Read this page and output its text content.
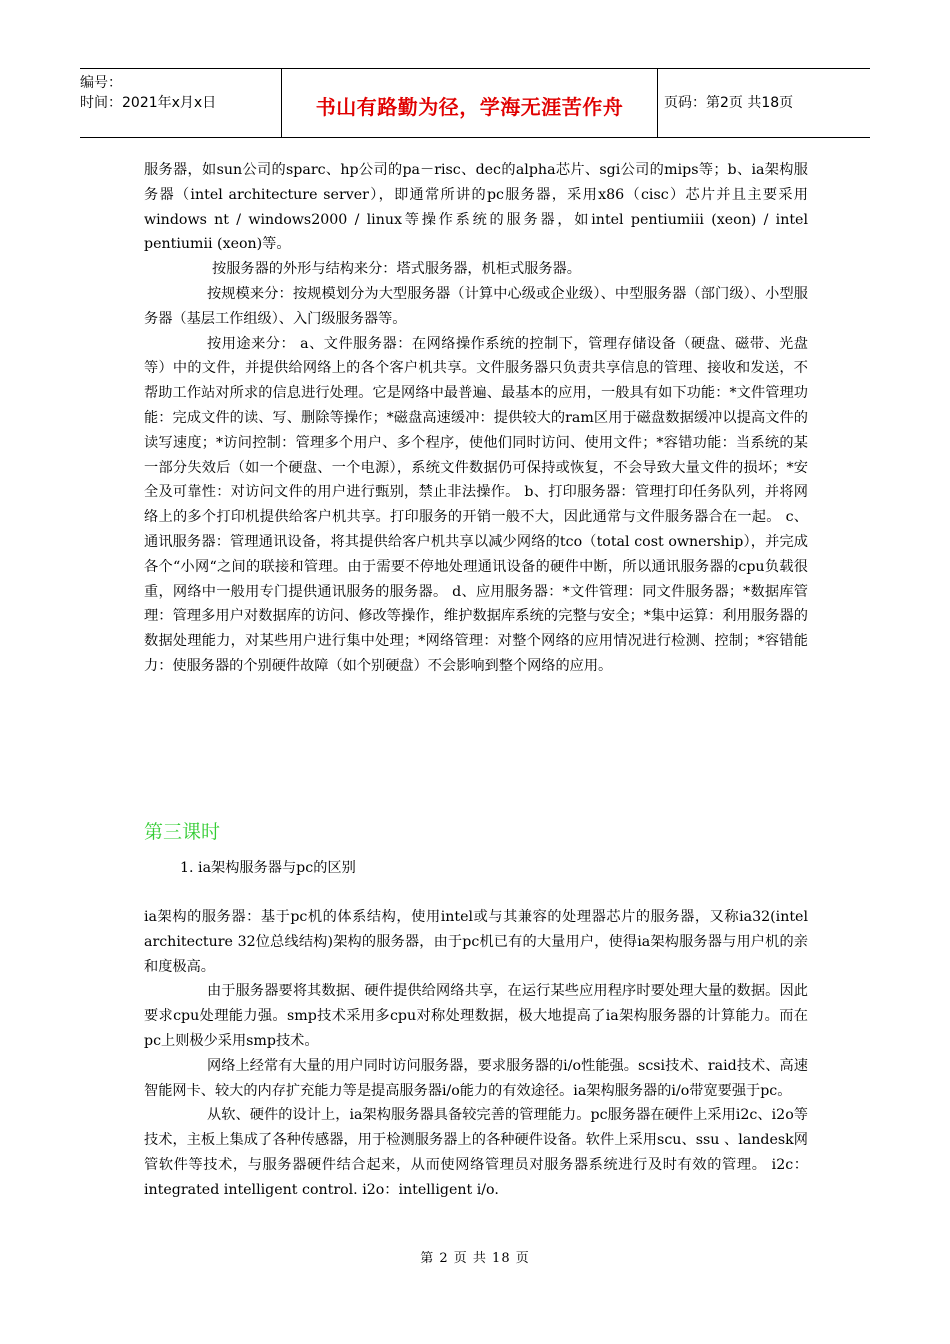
编号：
时间：2021年x月x日	书山有路勤为径，学海无涯苦作舟	页码：第2页 共18页

服务器，如sun公司的sparc、hp公司的pa－risc、dec的alpha芯片、sgi公司的mips等；b、ia架构服务器（intel architecture server），即通常所讲的pc服务器，采用x86（cisc）芯片并且主要采用windows nt / windows2000 / linux等操作系统的服务器，如intel pentiumiii (xeon) / intel pentiumii (xeon)等。

按服务器的外形与结构来分：塔式服务器，机柜式服务器。

按规模来分：按规模划分为大型服务器（计算中心级或企业级）、中型服务器（部门级）、小型服务器（基层工作组级）、入门级服务器等。

按用途来分： a、文件服务器：在网络操作系统的控制下，管理存储设备（硬盘、磁带、光盘等）中的文件，并提供给网络上的各个客户机共享。文件服务器只负责共享信息的管理、接收和发送，不帮助工作站对所求的信息进行处理。它是网络中最普遍、最基本的应用，一般具有如下功能：*文件管理功能：完成文件的读、写、删除等操作；*磁盘高速缓冲：提供较大的ram区用于磁盘数据缓冲以提高文件的读写速度；*访问控制：管理多个用户、多个程序，使他们同时访问、使用文件；*容错功能：当系统的某一部分失效后（如一个硬盘、一个电源），系统文件数据仍可保持或恢复，不会导致大量文件的损坏；*安全及可靠性：对访问文件的用户进行甄别，禁止非法操作。 b、打印服务器：管理打印任务队列，并将网络上的多个打印机提供给客户机共享。打印服务的开销一般不大，因此通常与文件服务器合在一起。 c、通讯服务器：管理通讯设备，将其提供给客户机共享以减少网络的tco（total cost ownership），并完成各个“小网“之间的联接和管理。由于需要不停地处理通讯设备的硬件中断，所以通讯服务器的cpu负载很重，网络中一般用专门提供通讯服务的服务器。 d、应用服务器：*文件管理：同文件服务器；*数据库管理：管理多用户对数据库的访问、修改等操作，维护数据库系统的完整与安全；*集中运算：利用服务器的数据处理能力，对某些用户进行集中处理；*网络管理：对整个网络的应用情况进行检测、控制；*容错能力：使服务器的个别硬件故障（如个别硬盘）不会影响到整个网络的应用。

第三课时
1. ia架构服务器与pc的区别

ia架构的服务器：基于pc机的体系结构，使用intel或与其兼容的处理器芯片的服务器，又称ia32(intel architecture 32位总线结构)架构的服务器，由于pc机已有的大量用户，使得ia架构服务器与用户机的亲和度极高。

由于服务器要将其数据、硬件提供给网络共享，在运行某些应用程序时要处理大量的数据。因此要求cpu处理能力强。smp技术采用多cpu对称处理数据，极大地提高了ia架构服务器的计算能力。而在pc上则极少采用smp技术。

网络上经常有大量的用户同时访问服务器，要求服务器的i/o性能强。scsi技术、raid技术、高速智能网卡、较大的内存扩充能力等是提高服务器i/o能力的有效途径。ia架构服务器的i/o带宽要强于pc。

从软、硬件的设计上，ia架构服务器具备较完善的管理能力。pc服务器在硬件上采用i2c、i2o等技术，主板上集成了各种传感器，用于检测服务器上的各种硬件设备。软件上采用scu、ssu 、landesk网管软件等技术，与服务器硬件结合起来，从而使网络管理员对服务器系统进行及时有效的管理。 i2c：integrated intelligent control. i2o：intelligent i/o.

第 2 页 共 18 页
